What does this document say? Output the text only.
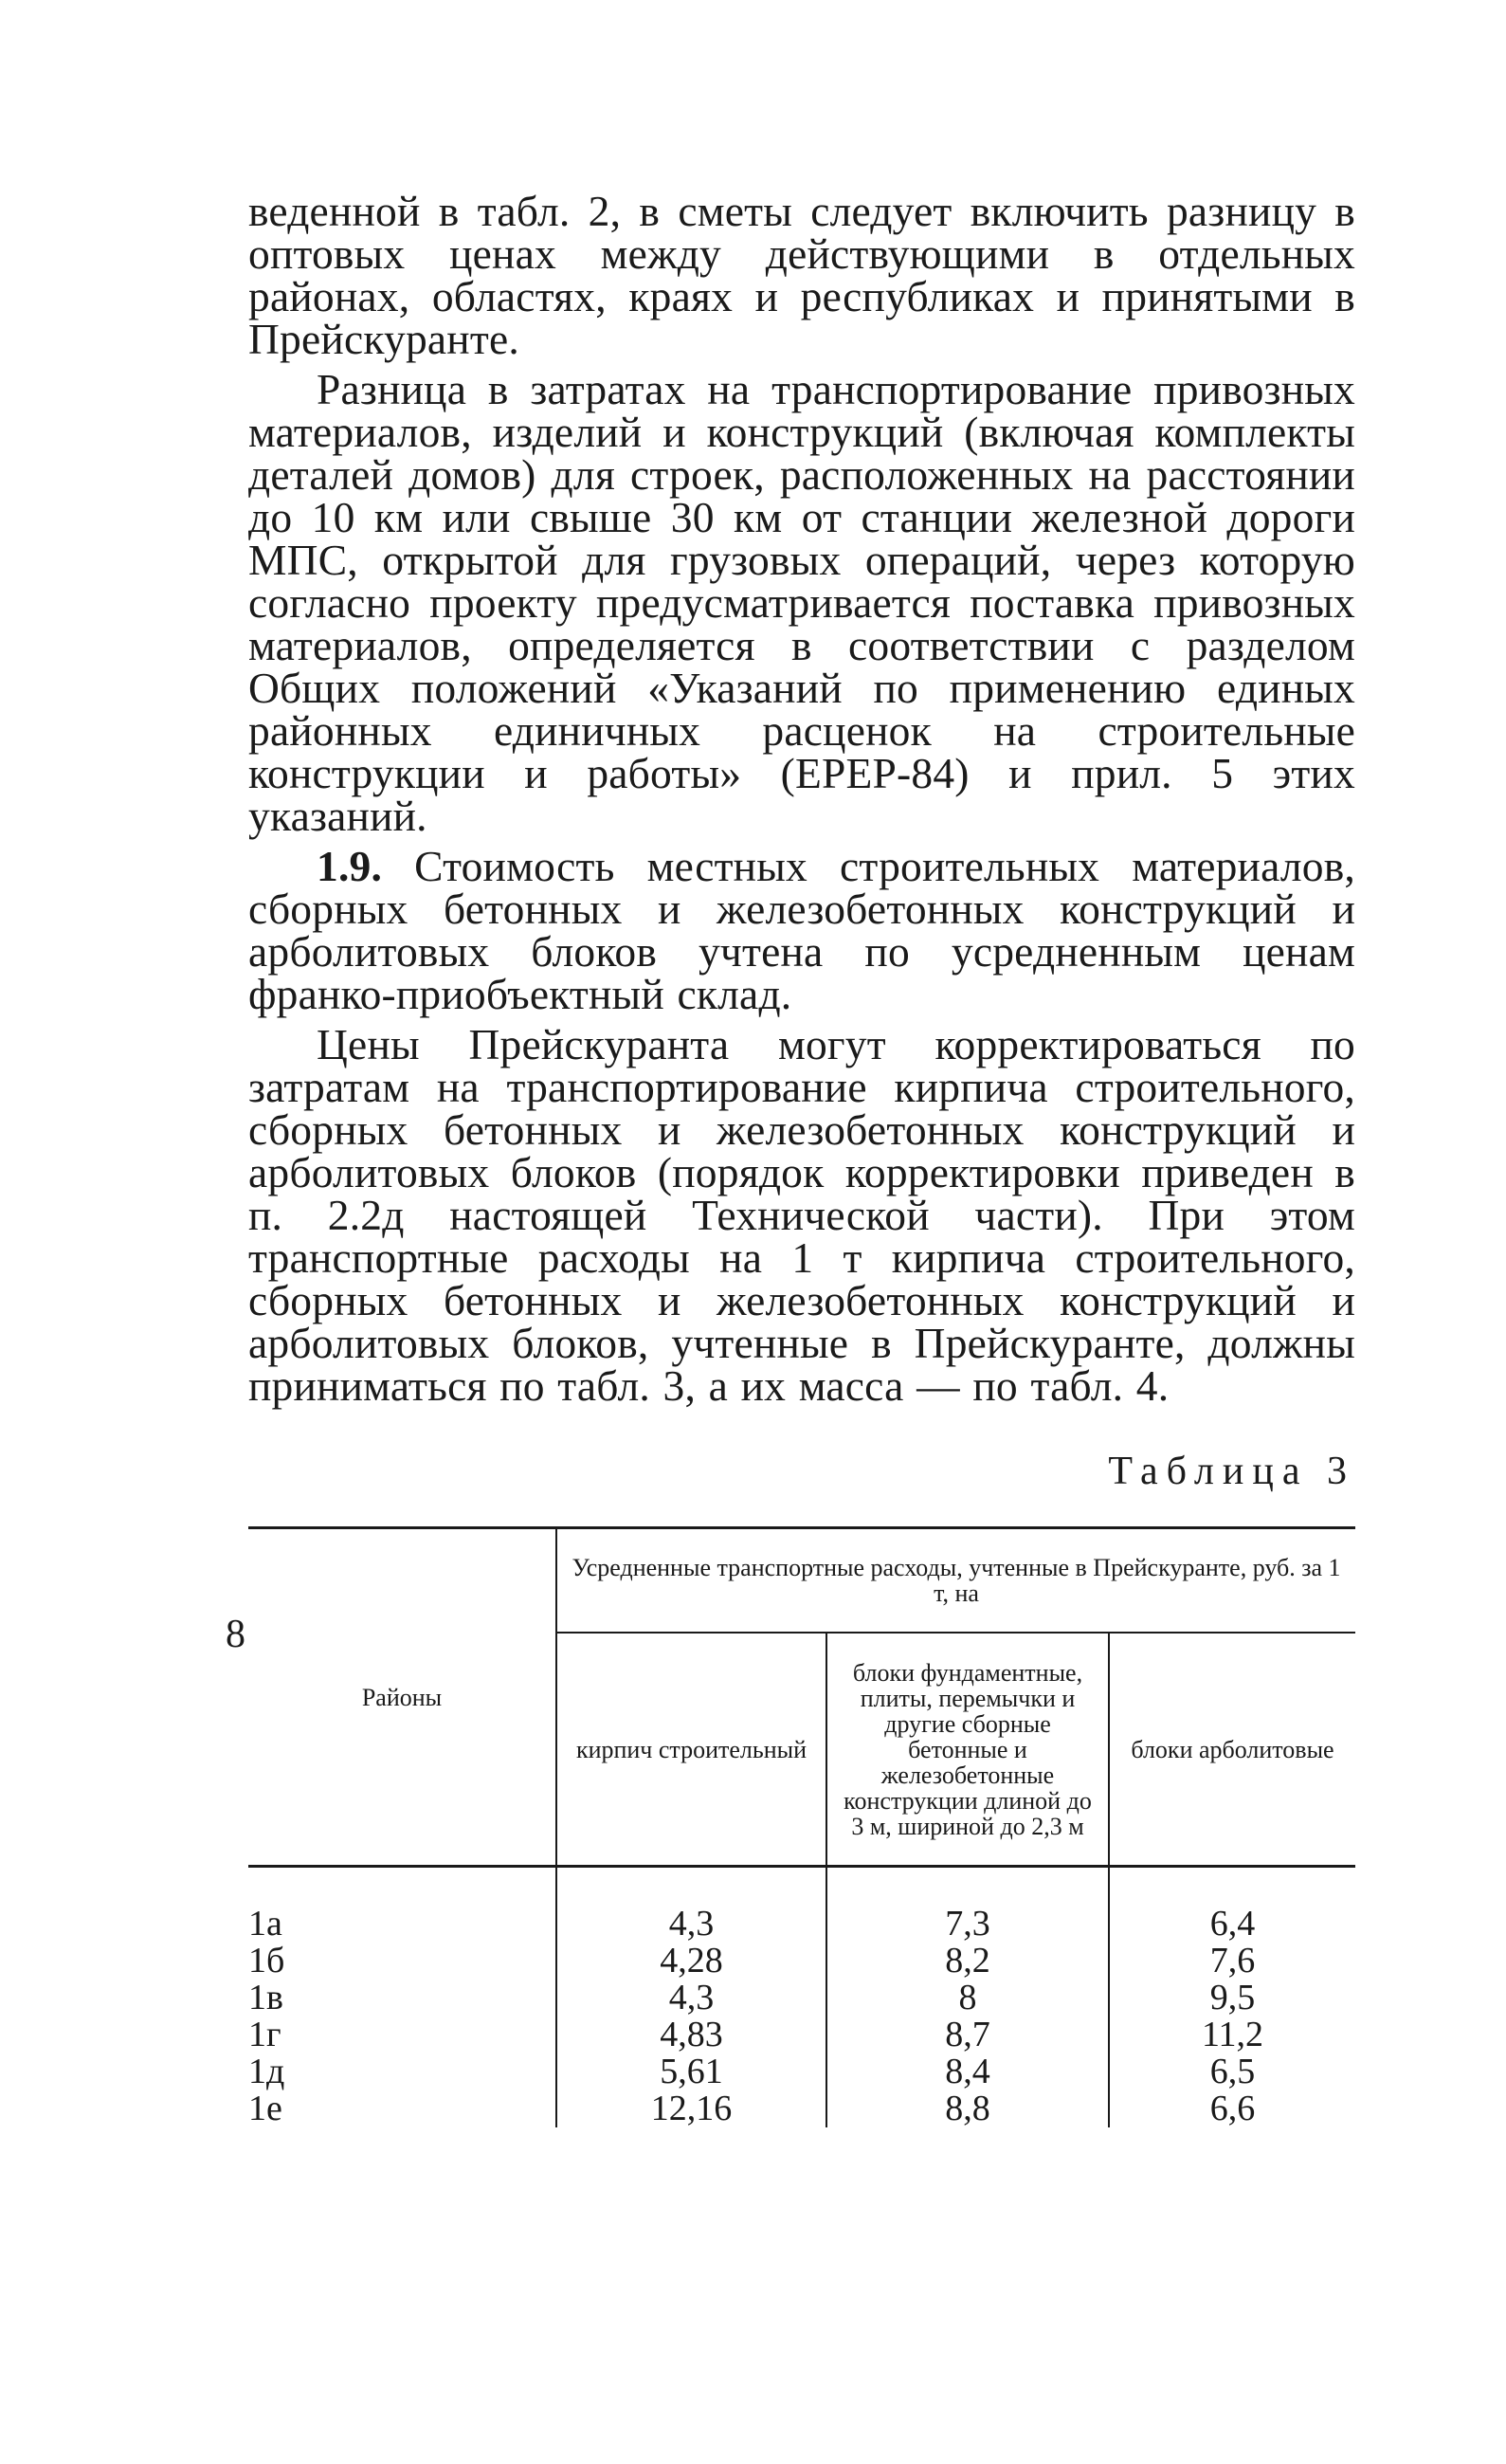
веденной в табл. 2, в сметы следует включить разницу в оптовых ценах между действующими в отдельных районах, областях, краях и республиках и принятыми в Прейскуранте.

Разница в затратах на транспортирование привозных материалов, изделий и конструкций (включая комплекты деталей домов) для строек, расположенных на расстоянии до 10 км или свыше 30 км от станции железной дороги МПС, открытой для грузовых операций, через которую согласно проекту предусматривается поставка привозных материалов, определяется в соответствии с разделом Общих положений «Указаний по применению единых районных единичных расценок на строительные конструкции и работы» (ЕРЕР-84) и прил. 5 этих указаний.

1.9. Стоимость местных строительных материалов, сборных бетонных и железобетонных конструкций и арболитовых блоков учтена по усредненным ценам франко-приобъектный склад.

Цены Прейскуранта могут корректироваться по затратам на транспортирование кирпича строительного, сборных бетонных и железобетонных конструкций и арболитовых блоков (порядок корректировки приведен в п. 2.2д настоящей Технической части). При этом транспортные расходы на 1 т кирпича строительного, сборных бетонных и железобетонных конструкций и арболитовых блоков, учтенные в Прейскуранте, должны приниматься по табл. 3, а их масса — по табл. 4.

Таблица 3
Районы	Усредненные транспортные расходы, учтенные в Прейскуранте, руб. за 1 т, на		
	кирпич строительный	блоки фундаментные, плиты, перемычки и другие сборные бетонные и железобетонные конструкции длиной до 3 м, шириной до 2,3 м	блоки арболитовые
1а	4,3	7,3	6,4
1б	4,28	8,2	7,6
1в	4,3	8	9,5
1г	4,83	8,7	11,2
1д	5,61	8,4	6,5
1е	12,16	8,8	6,6
8
